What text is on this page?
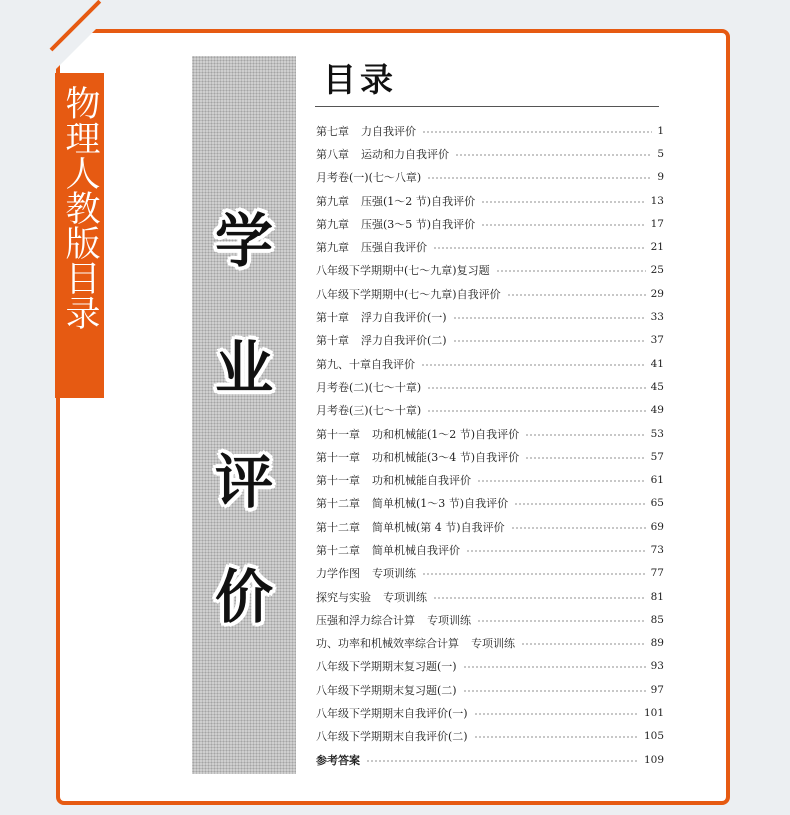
物理人教版目录	学
业
评
价
目录
第七章 力自我评价	1
第八章 运动和力自我评价	5
月考卷(一)(七～八章)	9
第九章 压强(1～2 节)自我评价	13
第九章 压强(3～5 节)自我评价	17
第九章 压强自我评价	21
八年级下学期期中(七～九章)复习题	25
八年级下学期期中(七～九章)自我评价	29
第十章 浮力自我评价(一)	33
第十章 浮力自我评价(二)	37
第九、十章自我评价	41
月考卷(二)(七～十章)	45
月考卷(三)(七～十章)	49
第十一章 功和机械能(1～2 节)自我评价	53
第十一章 功和机械能(3～4 节)自我评价	57
第十一章 功和机械能自我评价	61
第十二章 简单机械(1～3 节)自我评价	65
第十二章 简单机械(第 4 节)自我评价	69
第十二章 简单机械自我评价	73
力学作图 专项训练	77
探究与实验 专项训练	81
压强和浮力综合计算 专项训练	85
功、功率和机械效率综合计算 专项训练	89
八年级下学期期末复习题(一)	93
八年级下学期期末复习题(二)	97
八年级下学期期末自我评价(一)	101
八年级下学期期末自我评价(二)	105
参考答案	109
